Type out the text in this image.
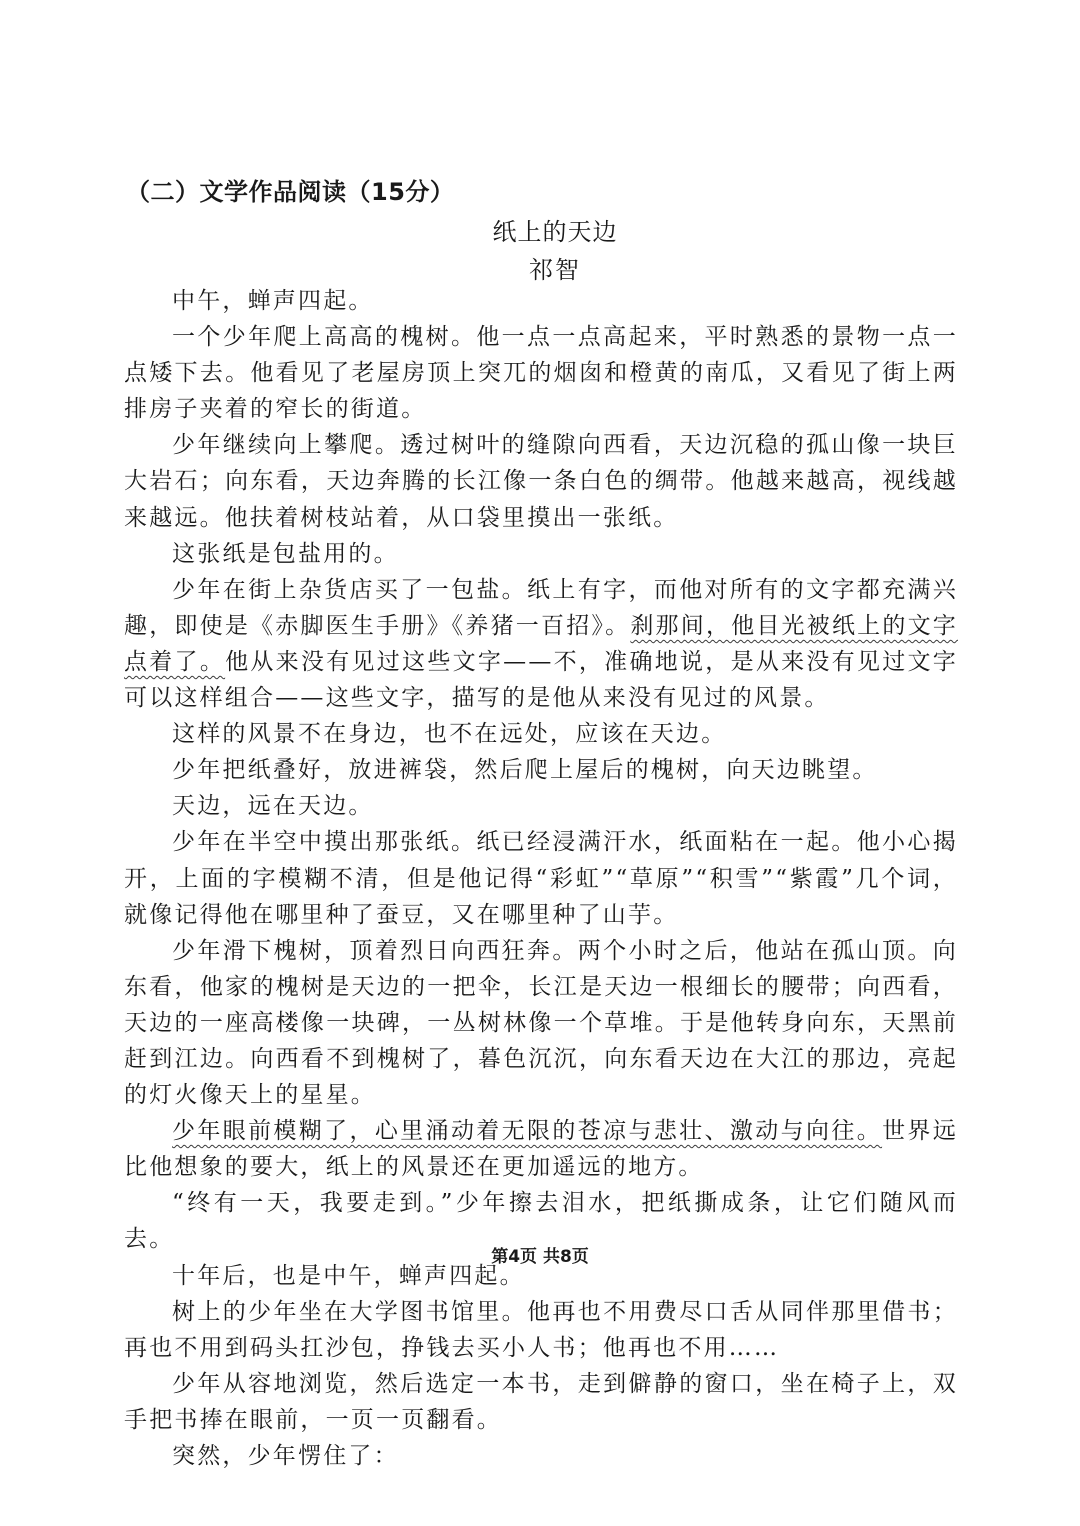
（二）文学作品阅读（15分）
纸上的天边
祁智

中午，蝉声四起。

一个少年爬上高高的槐树。他一点一点高起来，平时熟悉的景物一点一点矮下去。他看见了老屋房顶上突兀的烟囱和橙黄的南瓜，又看见了街上两排房子夹着的窄长的街道。

少年继续向上攀爬。透过树叶的缝隙向西看，天边沉稳的孤山像一块巨大岩石；向东看，天边奔腾的长江像一条白色的绸带。他越来越高，视线越来越远。他扶着树枝站着，从口袋里摸出一张纸。

这张纸是包盐用的。

少年在街上杂货店买了一包盐。纸上有字，而他对所有的文字都充满兴趣，即使是《赤脚医生手册》《养猪一百招》。刹那间，他目光被纸上的文字点着了。他从来没有见过这些文字——不，准确地说，是从来没有见过文字可以这样组合——这些文字，描写的是他从来没有见过的风景。

这样的风景不在身边，也不在远处，应该在天边。

少年把纸叠好，放进裤袋，然后爬上屋后的槐树，向天边眺望。

天边，远在天边。

少年在半空中摸出那张纸。纸已经浸满汗水，纸面粘在一起。他小心揭开，上面的字模糊不清，但是他记得“彩虹”“草原”“积雪”“紫霞”几个词，就像记得他在哪里种了蚕豆，又在哪里种了山芋。

少年滑下槐树，顶着烈日向西狂奔。两个小时之后，他站在孤山顶。向东看，他家的槐树是天边的一把伞，长江是天边一根细长的腰带；向西看，天边的一座高楼像一块碑，一丛树林像一个草堆。于是他转身向东，天黑前赶到江边。向西看不到槐树了，暮色沉沉，向东看天边在大江的那边，亮起的灯火像天上的星星。

少年眼前模糊了，心里涌动着无限的苍凉与悲壮、激动与向往。世界远比他想象的要大，纸上的风景还在更加遥远的地方。

“终有一天，我要走到。”少年擦去泪水，把纸撕成条，让它们随风而去。

十年后，也是中午，蝉声四起。

树上的少年坐在大学图书馆里。他再也不用费尽口舌从同伴那里借书；再也不用到码头扛沙包，挣钱去买小人书；他再也不用……

少年从容地浏览，然后选定一本书，走到僻静的窗口，坐在椅子上，双手把书捧在眼前，一页一页翻看。

突然，少年愣住了：

第4页 共8页
